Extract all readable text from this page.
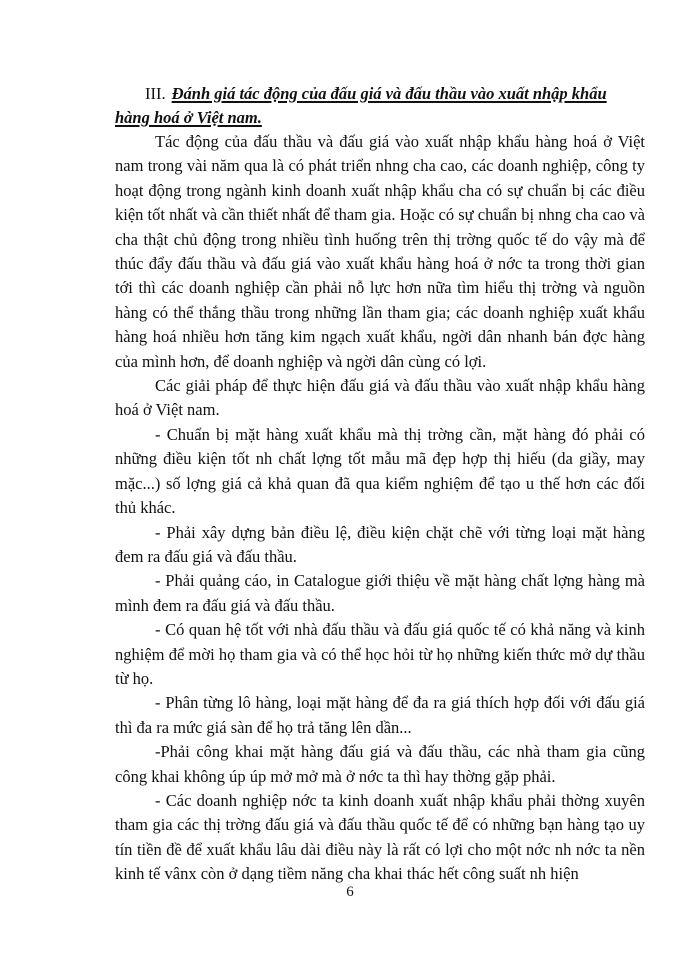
III. Đánh giá tác động của đấu giá và đấu thầu vào xuất nhập khẩu hàng hoá ở Việt nam.

Tác động của đấu thầu và đấu giá vào xuất nhập khẩu hàng hoá ở Việt nam trong vài năm qua là có phát triển nhng cha cao, các doanh nghiệp, công ty hoạt động trong ngành kinh doanh xuất nhập khẩu cha có sự chuẩn bị các điều kiện tốt nhất và cần thiết nhất để tham gia. Hoặc có sự chuẩn bị nhng cha cao và cha thật chủ động trong nhiều tình huống trên thị trờng quốc tế do vậy mà để thúc đẩy đấu thầu và đấu giá vào xuất khẩu hàng hoá ở nớc ta trong thời gian tới thì các doanh nghiệp cần phải nỗ lực hơn nữa tìm hiểu thị trờng và nguồn hàng có thể thắng thầu trong những lần tham gia; các doanh nghiệp xuất khẩu hàng hoá nhiều hơn tăng kim ngạch xuất khẩu, ngời dân nhanh bán đợc hàng của mình hơn, để doanh nghiệp và ngời dân cùng có lợi.

Các giải pháp để thực hiện đấu giá và đấu thầu vào xuất nhập khẩu hàng hoá ở Việt nam.

- Chuẩn bị mặt hàng xuất khẩu mà thị trờng cần, mặt hàng đó phải có những điều kiện tốt nh chất lợng tốt mẫu mã đẹp hợp thị hiếu (da giầy, may mặc...) số lợng giá cả khả quan đã qua kiểm nghiệm để tạo u thế hơn các đối thủ khác.

- Phải xây dựng bản điều lệ, điều kiện chặt chẽ với từng loại mặt hàng đem ra đấu giá và đấu thầu.

- Phải quảng cáo, in Catalogue giới thiệu về mặt hàng chất lợng hàng mà mình đem ra đấu giá và đấu thầu.

- Có quan hệ tốt với nhà đấu thầu và đấu giá quốc tế có khả năng và kinh nghiệm để mời họ tham gia và có thể học hỏi từ họ những kiến thức mở dự thầu từ họ.

- Phân từng lô hàng, loại mặt hàng để đa ra giá thích hợp đối với đấu giá thì đa ra mức giá sàn để họ trả tăng lên dần...

-Phải công khai mặt hàng đấu giá và đấu thầu, các nhà tham gia cũng công khai không úp úp mở mở mà ở nớc ta thì hay thờng gặp phải.

- Các doanh nghiệp nớc ta kinh doanh xuất nhập khẩu phải thờng xuyên tham gia các thị trờng đấu giá và đấu thầu quốc tế để có những bạn hàng tạo uy tín tiền đề để xuất khẩu lâu dài điều này là rất có lợi cho một nớc nh nớc ta nền kinh tế vânx còn ở dạng tiềm năng cha khai thác hết công suất nh hiện

6
